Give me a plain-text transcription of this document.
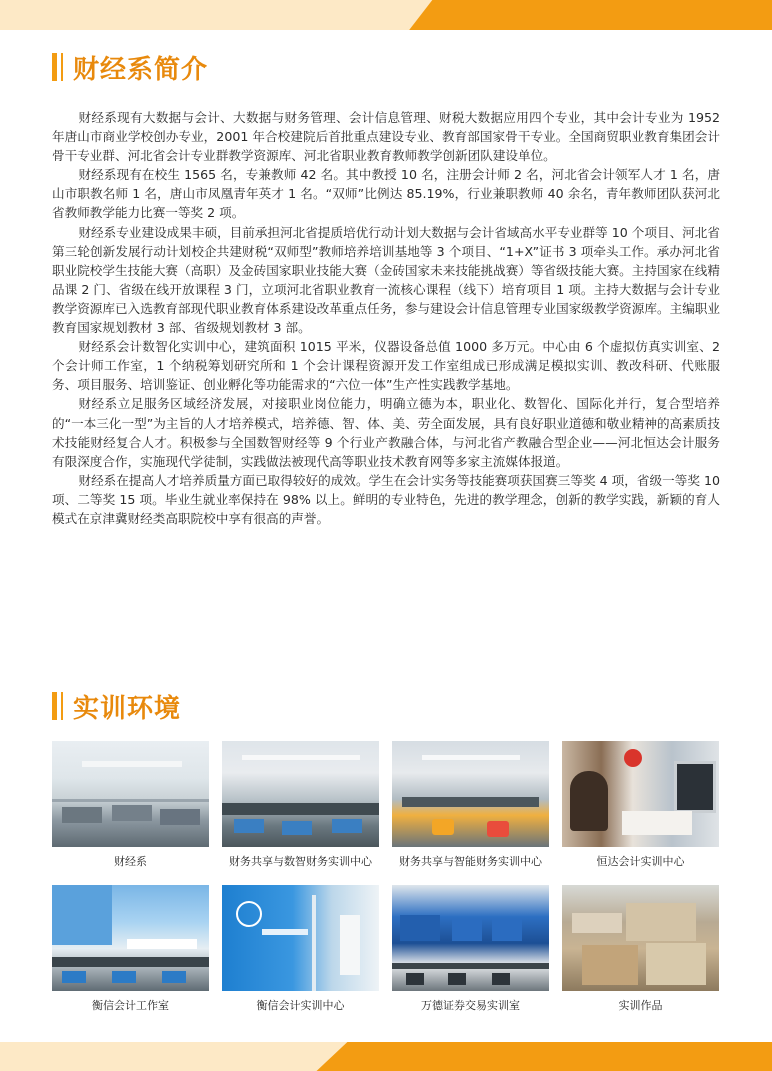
财经系简介

财经系现有大数据与会计、大数据与财务管理、会计信息管理、财税大数据应用四个专业，其中会计专业为 1952 年唐山市商业学校创办专业，2001 年合校建院后首批重点建设专业、教育部国家骨干专业。全国商贸职业教育集团会计骨干专业群、河北省会计专业群教学资源库、河北省职业教育教师教学创新团队建设单位。

财经系现有在校生 1565 名，专兼教师 42 名。其中教授 10 名，注册会计师 2 名，河北省会计领军人才 1 名，唐山市职教名师 1 名，唐山市凤凰青年英才 1 名。“双师”比例达 85.19%，行业兼职教师 40 余名，青年教师团队获河北省教师教学能力比赛一等奖 2 项。

财经系专业建设成果丰硕，目前承担河北省提质培优行动计划大数据与会计省域高水平专业群等 10 个项目、河北省第三轮创新发展行动计划校企共建财税“双师型”教师培养培训基地等 3 个项目、“1+X”证书 3 项牵头工作。承办河北省职业院校学生技能大赛（高职）及金砖国家职业技能大赛（金砖国家未来技能挑战赛）等省级技能大赛。主持国家在线精品课 2 门、省级在线开放课程 3 门，立项河北省职业教育一流核心课程（线下）培育项目 1 项。主持大数据与会计专业教学资源库已入选教育部现代职业教育体系建设改革重点任务，参与建设会计信息管理专业国家级教学资源库。主编职业教育国家规划教材 3 部、省级规划教材 3 部。

财经系会计数智化实训中心，建筑面积 1015 平米，仪器设备总值 1000 多万元。中心由 6 个虚拟仿真实训室、2 个会计师工作室，1 个纳税筹划研究所和 1 个会计课程资源开发工作室组成已形成满足模拟实训、教改科研、代账服务、项目服务、培训鉴证、创业孵化等功能需求的“六位一体”生产性实践教学基地。

财经系立足服务区域经济发展，对接职业岗位能力，明确立德为本，职业化、数智化、国际化并行，复合型培养的“一本三化一型”为主旨的人才培养模式，培养德、智、体、美、劳全面发展，具有良好职业道德和敬业精神的高素质技术技能财经复合人才。积极参与全国数智财经等 9 个行业产教融合体，与河北省产教融合型企业——河北恒达会计服务有限深度合作，实施现代学徒制，实践做法被现代高等职业技术教育网等多家主流媒体报道。

财经系在提高人才培养质量方面已取得较好的成效。学生在会计实务等技能赛项获国赛三等奖 4 项，省级一等奖 10 项、二等奖 15 项。毕业生就业率保持在 98% 以上。鲜明的专业特色，先进的教学理念，创新的教学实践，新颖的育人模式在京津冀财经类高职院校中享有很高的声誉。

实训环境
财经系	财务共享与数智财务实训中心	财务共享与智能财务实训中心	恒达会计实训中心
衡信会计工作室	衡信会计实训中心	万德证券交易实训室	实训作品
